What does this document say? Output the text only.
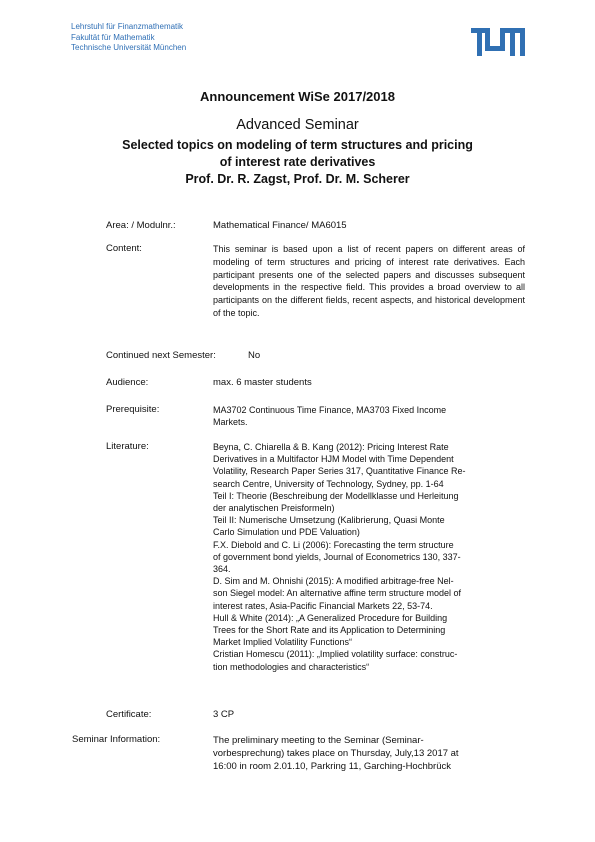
Lehrstuhl für Finanzmathematik
Fakultät für Mathematik
Technische Universität München
Announcement WiSe 2017/2018
Advanced Seminar
Selected topics on modeling of term structures and pricing
of interest rate derivatives
Prof. Dr. R. Zagst, Prof. Dr. M. Scherer
Area: / Modulnr.:	Mathematical Finance/ MA6015
Content:	This seminar is based upon a list of recent papers on different areas of modeling of term structures and pricing of interest rate derivatives. Each participant presents one of the selected papers and discusses subsequent developments in the respective field. This provides a broad overview to all participants on the different fields, recent aspects, and historical development of the topic.
Continued next Semester:	No
Audience:	max. 6 master students
Prerequisite:	MA3702 Continuous Time Finance, MA3703 Fixed Income
Markets.
Literature:	Beyna, C. Chiarella & B. Kang (2012): Pricing Interest Rate
Derivatives in a Multifactor HJM Model with Time Dependent
Volatility, Research Paper Series 317, Quantitative Finance Re-
search Centre, University of Technology, Sydney, pp. 1-64
Teil I: Theorie (Beschreibung der Modellklasse und Herleitung
der analytischen Preisformeln)
Teil II: Numerische Umsetzung (Kalibrierung, Quasi Monte
Carlo Simulation und PDE Valuation)
F.X. Diebold and C. Li (2006): Forecasting the term structure
of government bond yields, Journal of Econometrics 130, 337-
364.
D. Sim and M. Ohnishi (2015): A modified arbitrage-free Nel-
son Siegel model: An alternative affine term structure model of
interest rates, Asia-Pacific Financial Markets 22, 53-74.
Hull & White (2014): „A Generalized Procedure for Building
Trees for the Short Rate and its Application to Determining
Market Implied Volatility Functions“
Cristian Homescu (2011): „Implied volatility surface: construc-
tion methodologies and characteristics“
Certificate:	3 CP
Seminar Information:	The preliminary meeting to the Seminar (Seminar-
vorbesprechung) takes place on Thursday, July,13 2017 at
16:00 in room 2.01.10, Parkring 11, Garching-Hochbrück
